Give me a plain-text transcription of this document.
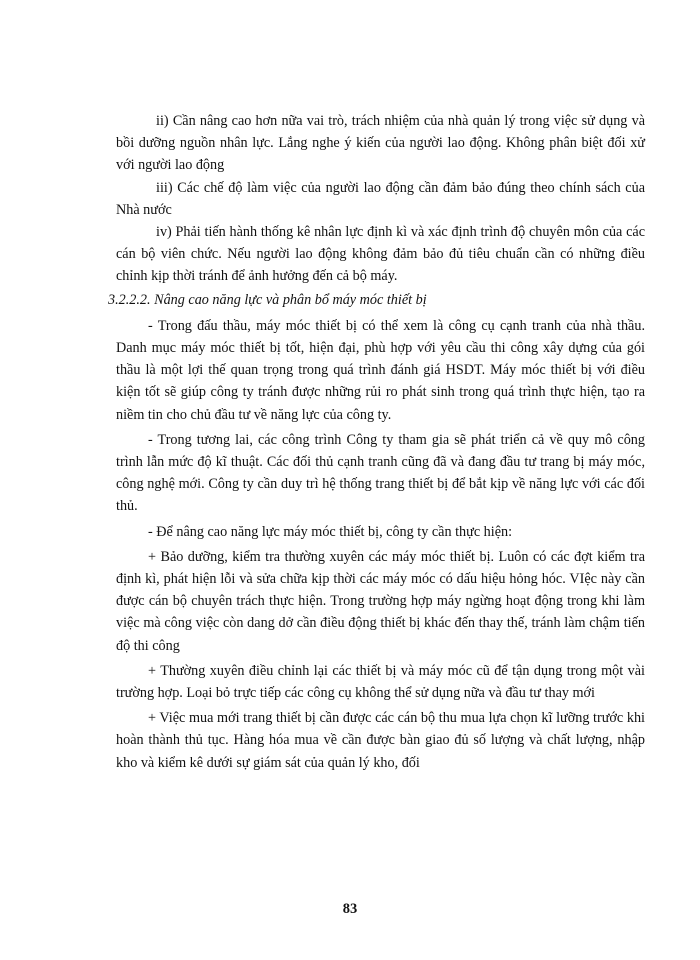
ii) Cần nâng cao hơn nữa vai trò, trách nhiệm của nhà quản lý trong việc sử dụng và bồi dưỡng nguồn nhân lực. Lắng nghe ý kiến của người lao động. Không phân biệt đối xử với người lao động

iii) Các chế độ làm việc của người lao động cần đảm bảo đúng theo chính sách của Nhà nước

iv) Phải tiến hành thống kê nhân lực định kì và xác định trình độ chuyên môn của các cán bộ viên chức. Nếu người lao động không đảm bảo đủ tiêu chuẩn cần có những điều chỉnh kịp thời tránh để ảnh hưởng đến cả bộ máy.

3.2.2.2. Nâng cao năng lực và phân bổ máy móc thiết bị

- Trong đấu thầu, máy móc thiết bị có thể xem là công cụ cạnh tranh của nhà thầu. Danh mục máy móc thiết bị tốt, hiện đại, phù hợp với yêu cầu thi công xây dựng của gói thầu là một lợi thế quan trọng trong quá trình đánh giá HSDT. Máy móc thiết bị với điều kiện tốt sẽ giúp công ty tránh được những rủi ro phát sinh trong quá trình thực hiện, tạo ra niềm tin cho chủ đầu tư về năng lực của công ty.

- Trong tương lai, các công trình Công ty tham gia sẽ phát triển cả về quy mô công trình lẫn mức độ kĩ thuật. Các đối thủ cạnh tranh cũng đã và đang đầu tư trang bị máy móc, công nghệ mới. Công ty cần duy trì hệ thống trang thiết bị để bắt kịp về năng lực với các đối thủ.

- Để nâng cao năng lực máy móc thiết bị, công ty cần thực hiện:

+ Bảo dưỡng, kiểm tra thường xuyên các máy móc thiết bị. Luôn có các đợt kiểm tra định kì, phát hiện lỗi và sửa chữa kịp thời các máy móc có dấu hiệu hỏng hóc. VIệc này cần được cán bộ chuyên trách thực hiện. Trong trường hợp máy ngừng hoạt động trong khi làm việc mà công việc còn dang dở cần điều động thiết bị khác đến thay thế, tránh làm chậm tiến độ thi công

+ Thường xuyên điều chỉnh lại các thiết bị và máy móc cũ để tận dụng trong một vài trường hợp. Loại bỏ trực tiếp các công cụ không thể sử dụng nữa và đầu tư thay mới

+ Việc mua mới trang thiết bị cần được các cán bộ thu mua lựa chọn kĩ lưỡng trước khi hoàn thành thủ tục. Hàng hóa mua về cần được bàn giao đủ số lượng và chất lượng, nhập kho và kiểm kê dưới sự giám sát của quản lý kho, đối

83
